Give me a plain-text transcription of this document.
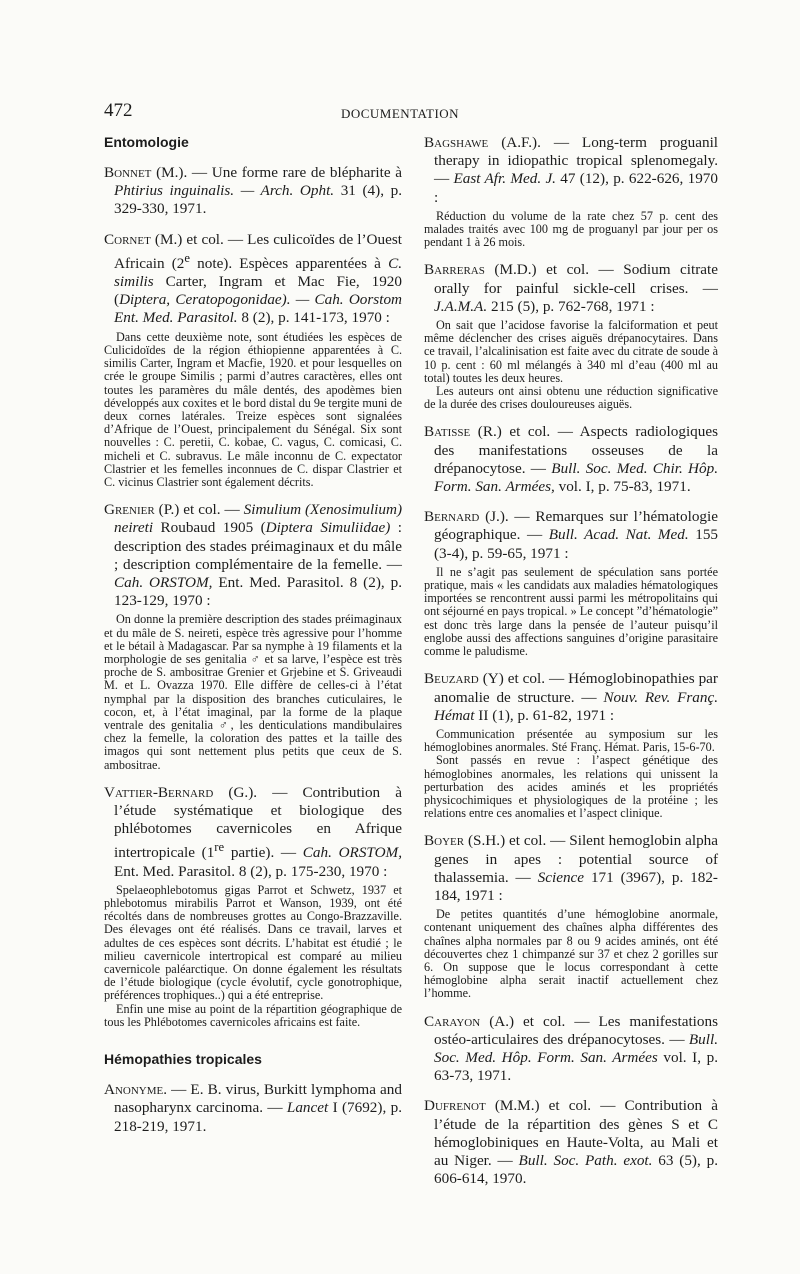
472	DOCUMENTATION
Entomologie

Bonnet (M.). — Une forme rare de blépharite à Phtirius inguinalis. — Arch. Opht. 31 (4), p. 329-330, 1971.

Cornet (M.) et col. — Les culicoïdes de l’Ouest Africain (2e note). Espèces apparentées à C. similis Carter, Ingram et Mac Fie, 1920 (Diptera, Ceratopogonidae). — Cah. Oorstom Ent. Med. Parasitol. 8 (2), p. 141-173, 1970 :

Dans cette deuxième note, sont étudiées les espèces de Culicidoïdes de la région éthiopienne apparentées à C. similis Carter, Ingram et Macfie, 1920. et pour lesquelles on crée le groupe Similis ; parmi d’autres caractères, elles ont toutes les paramères du mâle dentés, des apodèmes bien développés aux coxites et le bord distal du 9e tergite muni de deux cornes latérales. Treize espèces sont signalées d’Afrique de l’Ouest, principalement du Sénégal. Six sont nouvelles : C. peretii, C. kobae, C. vagus, C. comicasi, C. micheli et C. subravus. Le mâle inconnu de C. expectator Clastrier et les femelles inconnues de C. dispar Clastrier et C. vicinus Clastrier sont également décrits.

Grenier (P.) et col. — Simulium (Xenosimulium) neireti Roubaud 1905 (Diptera Simuliidae) : description des stades préimaginaux et du mâle ; description complémentaire de la femelle. — Cah. ORSTOM, Ent. Med. Parasitol. 8 (2), p. 123-129, 1970 :

On donne la première description des stades préimaginaux et du mâle de S. neireti, espèce très agressive pour l’homme et le bétail à Madagascar. Par sa nymphe à 19 filaments et la morphologie de ses genitalia ♂ et sa larve, l’espèce est très proche de S. ambositrae Grenier et Grjebine et S. Griveaudi M. et L. Ovazza 1970. Elle diffère de celles-ci à l’état nymphal par la disposition des branches cuticulaires, le cocon, et, à l’état imaginal, par la forme de la plaque ventrale des genitalia ♂, les denticulations mandibulaires chez la femelle, la coloration des pattes et la taille des imagos qui sont nettement plus petits que ceux de S. ambositrae.

Vattier-Bernard (G.). — Contribution à l’étude systématique et biologique des phlébotomes cavernicoles en Afrique intertropicale (1re partie). — Cah. ORSTOM, Ent. Med. Parasitol. 8 (2), p. 175-230, 1970 :

Spelaeophlebotomus gigas Parrot et Schwetz, 1937 et phlebotomus mirabilis Parrot et Wanson, 1939, ont été récoltés dans de nombreuses grottes au Congo-Brazzaville. Des élevages ont été réalisés. Dans ce travail, larves et adultes de ces espèces sont décrits. L’habitat est étudié ; le milieu cavernicole intertropical est comparé au milieu cavernicole paléarctique. On donne également les résultats de l’étude biologique (cycle évolutif, cycle gonotrophique, préférences trophiques..) qui a été entreprise.

Enfin une mise au point de la répartition géographique de tous les Phlébotomes cavernicoles africains est faite.

Hémopathies tropicales

Anonyme. — E. B. virus, Burkitt lymphoma and nasopharynx carcinoma. — Lancet I (7692), p. 218-219, 1971.

Bagshawe (A.F.). — Long-term proguanil therapy in idiopathic tropical splenomegaly. — East Afr. Med. J. 47 (12), p. 622-626, 1970 :

Réduction du volume de la rate chez 57 p. cent des malades traités avec 100 mg de proguanyl par jour per os pendant 1 à 26 mois.

Barreras (M.D.) et col. — Sodium citrate orally for painful sickle-cell crises. — J.A.M.A. 215 (5), p. 762-768, 1971 :

On sait que l’acidose favorise la falciformation et peut même déclencher des crises aiguës drépanocytaires. Dans ce travail, l’alcalinisation est faite avec du citrate de soude à 10 p. cent : 60 ml mélangés à 340 ml d’eau (400 ml au total) toutes les deux heures.

Les auteurs ont ainsi obtenu une réduction significative de la durée des crises douloureuses aiguës.

Batisse (R.) et col. — Aspects radiologiques des manifestations osseuses de la drépanocytose. — Bull. Soc. Med. Chir. Hôp. Form. San. Armées, vol. I, p. 75-83, 1971.

Bernard (J.). — Remarques sur l’hématologie géographique. — Bull. Acad. Nat. Med. 155 (3-4), p. 59-65, 1971 :

Il ne s’agit pas seulement de spéculation sans portée pratique, mais « les candidats aux maladies hématologiques importées se rencontrent aussi parmi les métropolitains qui ont séjourné en pays tropical. » Le concept ”d’hématologie” est donc très large dans la pensée de l’auteur puisqu’il englobe aussi des affections sanguines d’origine parasitaire comme le paludisme.

Beuzard (Y) et col. — Hémoglobinopathies par anomalie de structure. — Nouv. Rev. Franç. Hémat II (1), p. 61-82, 1971 :

Communication présentée au symposium sur les hémoglobines anormales. Sté Franç. Hémat. Paris, 15-6-70.

Sont passés en revue : l’aspect génétique des hémoglobines anormales, les relations qui unissent la perturbation des acides aminés et les propriétés physicochimiques et physiologiques de la protéine ; les relations entre ces anomalies et l’aspect clinique.

Boyer (S.H.) et col. — Silent hemoglobin alpha genes in apes : potential source of thalassemia. — Science 171 (3967), p. 182-184, 1971 :

De petites quantités d’une hémoglobine anormale, contenant uniquement des chaînes alpha différentes des chaînes alpha normales par 8 ou 9 acides aminés, ont été découvertes chez 1 chimpanzé sur 37 et chez 2 gorilles sur 6. On suppose que le locus correspondant à cette hémoglobine alpha serait inactif actuellement chez l’homme.

Carayon (A.) et col. — Les manifestations ostéo-articulaires des drépanocytoses. — Bull. Soc. Med. Hôp. Form. San. Armées vol. I, p. 63-73, 1971.

Dufrenot (M.M.) et col. — Contribution à l’étude de la répartition des gènes S et C hémoglobiniques en Haute-Volta, au Mali et au Niger. — Bull. Soc. Path. exot. 63 (5), p. 606-614, 1970.
